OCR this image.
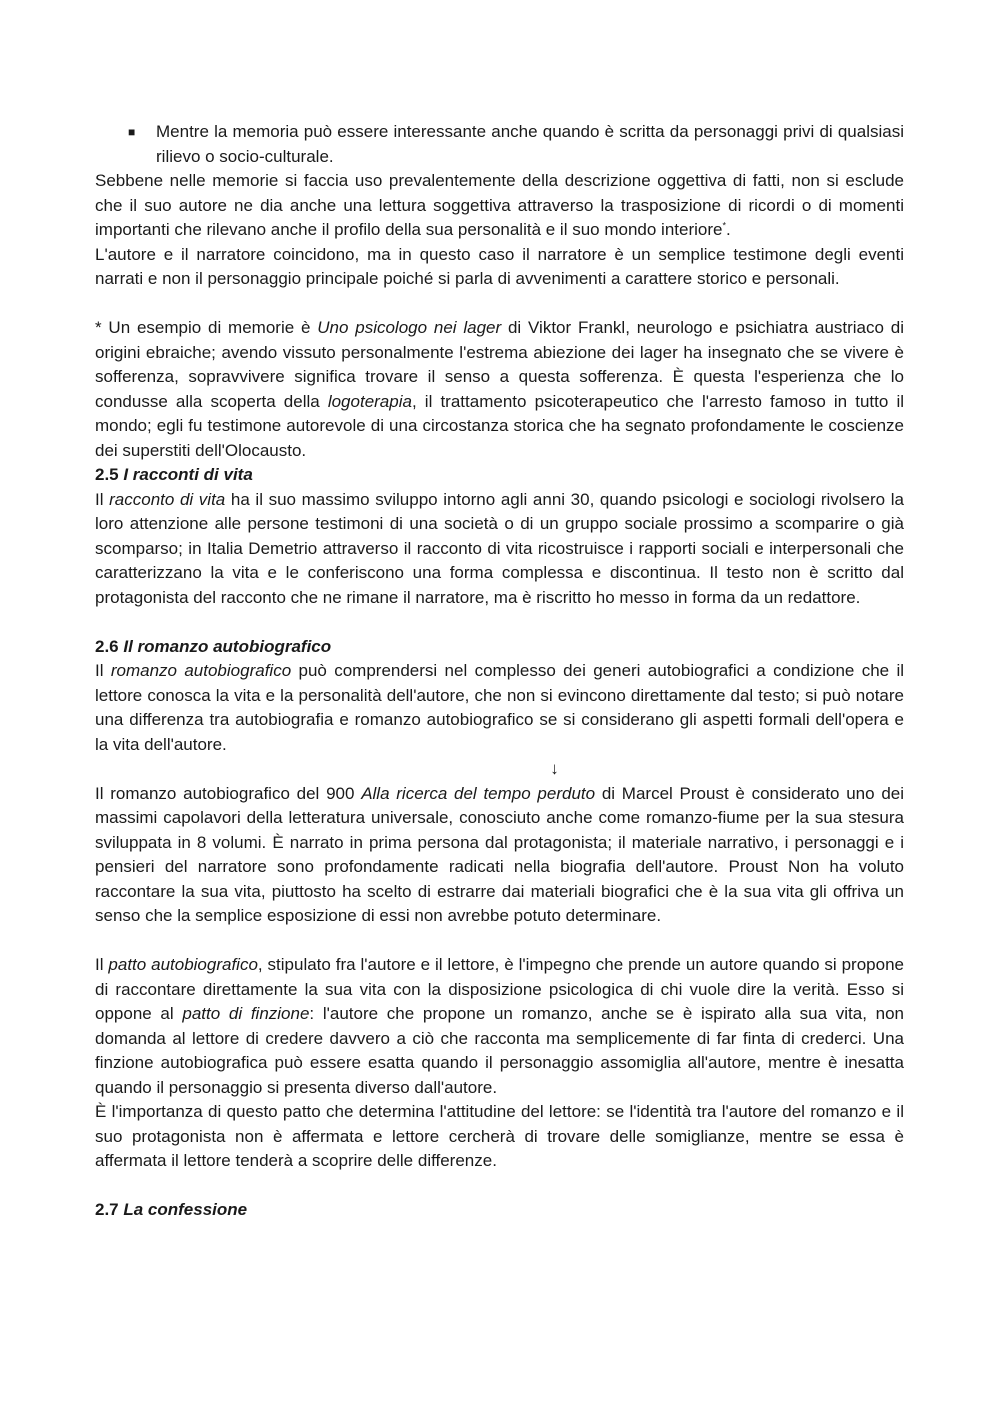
■ Mentre la memoria può essere interessante anche quando è scritta da personaggi privi di qualsiasi rilievo o socio-culturale.

Sebbene nelle memorie si faccia uso prevalentemente della descrizione oggettiva di fatti, non si esclude che il suo autore ne dia anche una lettura soggettiva attraverso la trasposizione di ricordi o di momenti importanti che rilevano anche il profilo della sua personalità e il suo mondo interiore*.

L'autore e il narratore coincidono, ma in questo caso il narratore è un semplice testimone degli eventi narrati e non il personaggio principale poiché si parla di avvenimenti a carattere storico e personali.

* Un esempio di memorie è Uno psicologo nei lager di Viktor Frankl, neurologo e psichiatra austriaco di origini ebraiche; avendo vissuto personalmente l'estrema abiezione dei lager ha insegnato che se vivere è sofferenza, sopravvivere significa trovare il senso a questa sofferenza. È questa l'esperienza che lo condusse alla scoperta della logoterapia, il trattamento psicoterapeutico che l'arresto famoso in tutto il mondo; egli fu testimone autorevole di una circostanza storica che ha segnato profondamente le coscienze dei superstiti dell'Olocausto.

2.5 I racconti di vita

Il racconto di vita ha il suo massimo sviluppo intorno agli anni 30, quando psicologi e sociologi rivolsero la loro attenzione alle persone testimoni di una società o di un gruppo sociale prossimo a scomparire o già scomparso; in Italia Demetrio attraverso il racconto di vita ricostruisce i rapporti sociali e interpersonali che caratterizzano la vita e le conferiscono una forma complessa e discontinua. Il testo non è scritto dal protagonista del racconto che ne rimane il narratore, ma è riscritto ho messo in forma da un redattore.

2.6 Il romanzo autobiografico

Il romanzo autobiografico può comprendersi nel complesso dei generi autobiografici a condizione che il lettore conosca la vita e la personalità dell'autore, che non si evincono direttamente dal testo; si può notare una differenza tra autobiografia e romanzo autobiografico se si considerano gli aspetti formali dell'opera e la vita dell'autore.

↓

Il romanzo autobiografico del 900 Alla ricerca del tempo perduto di Marcel Proust è considerato uno dei massimi capolavori della letteratura universale, conosciuto anche come romanzo-fiume per la sua stesura sviluppata in 8 volumi. È narrato in prima persona dal protagonista; il materiale narrativo, i personaggi e i pensieri del narratore sono profondamente radicati nella biografia dell'autore. Proust Non ha voluto raccontare la sua vita, piuttosto ha scelto di estrarre dai materiali biografici che è la sua vita gli offriva un senso che la semplice esposizione di essi non avrebbe potuto determinare.

Il patto autobiografico, stipulato fra l'autore e il lettore, è l'impegno che prende un autore quando si propone di raccontare direttamente la sua vita con la disposizione psicologica di chi vuole dire la verità. Esso si oppone al patto di finzione: l'autore che propone un romanzo, anche se è ispirato alla sua vita, non domanda al lettore di credere davvero a ciò che racconta ma semplicemente di far finta di crederci. Una finzione autobiografica può essere esatta quando il personaggio assomiglia all'autore, mentre è inesatta quando il personaggio si presenta diverso dall'autore.

È l'importanza di questo patto che determina l'attitudine del lettore: se l'identità tra l'autore del romanzo e il suo protagonista non è affermata e lettore cercherà di trovare delle somiglianze, mentre se essa è affermata il lettore tenderà a scoprire delle differenze.

2.7 La confessione
